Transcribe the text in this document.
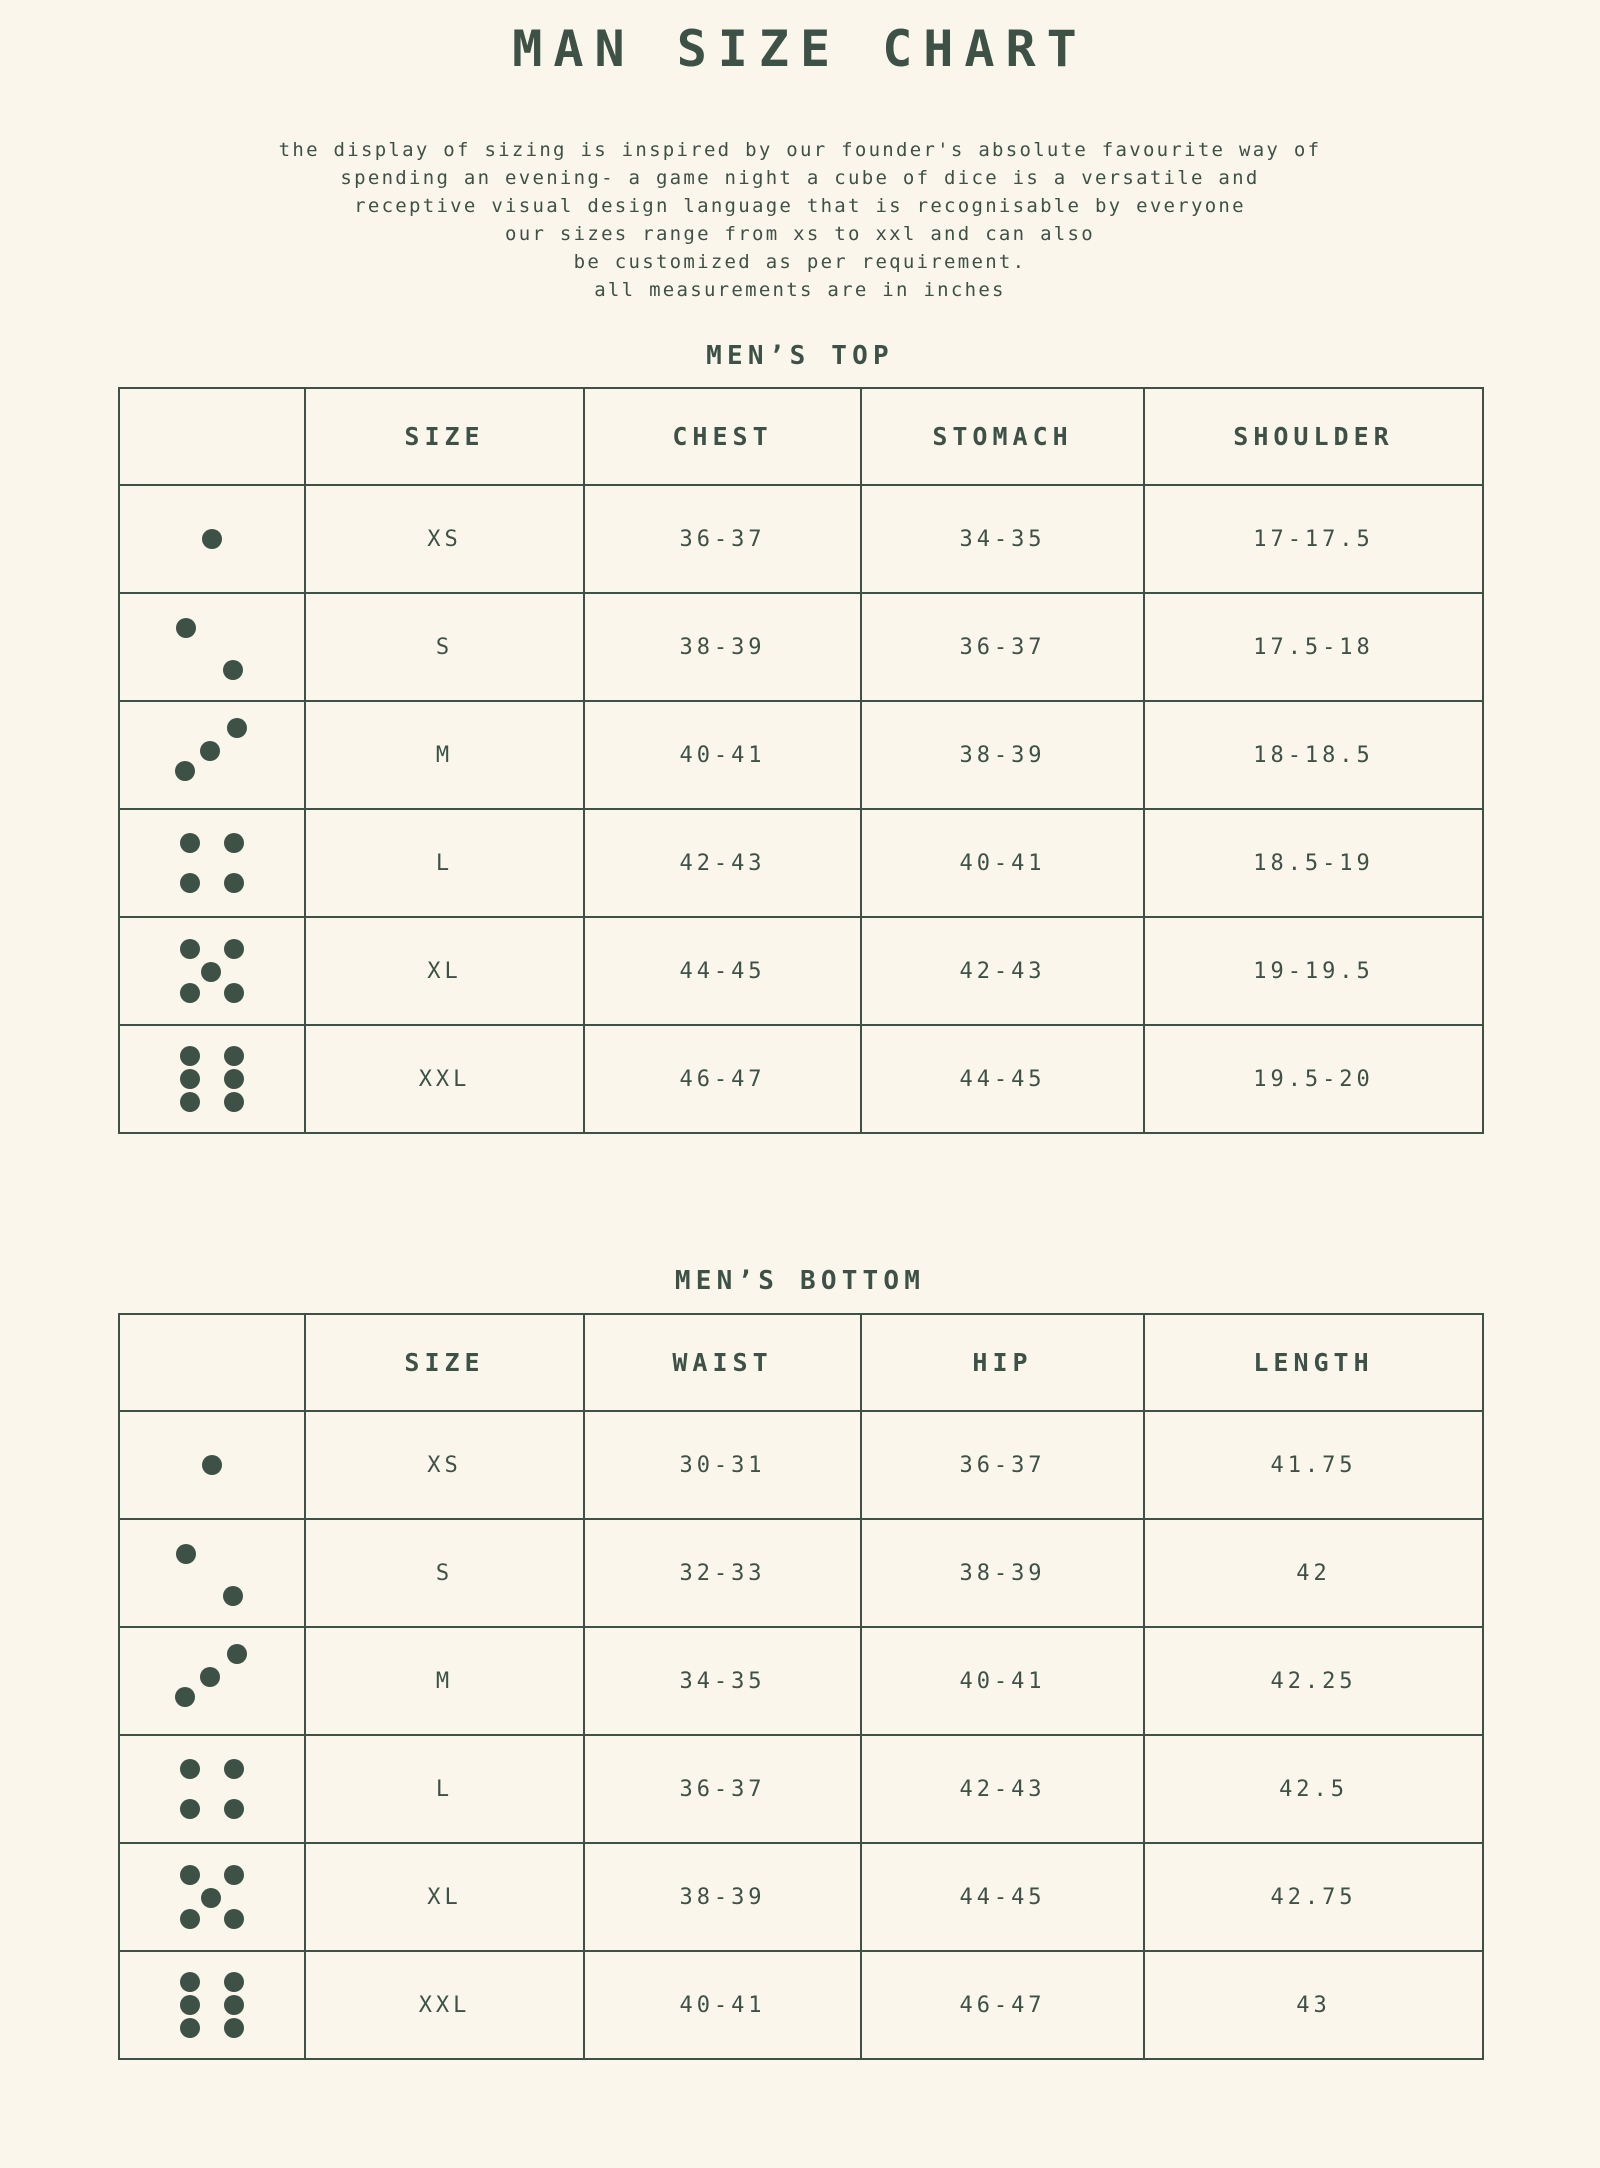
MAN SIZE CHART
the display of sizing is inspired by our founder's absolute favourite way of
spending an evening- a game night a cube of dice is a versatile and
receptive visual design language that is recognisable by everyone
our sizes range from xs to xxl and can also
be customized as per requirement.
all measurements are in inches
MEN’S TOP
	SIZE	CHEST	STOMACH	SHOULDER

	XS	36-37	34-35	17-17.5

	S	38-39	36-37	17.5-18

	M	40-41	38-39	18-18.5

	L	42-43	40-41	18.5-19

	XL	44-45	42-43	19-19.5

	XXL	46-47	44-45	19.5-20
MEN’S BOTTOM
	SIZE	WAIST	HIP	LENGTH

	XS	30-31	36-37	41.75

	S	32-33	38-39	42

	M	34-35	40-41	42.25

	L	36-37	42-43	42.5

	XL	38-39	44-45	42.75

	XXL	40-41	46-47	43
